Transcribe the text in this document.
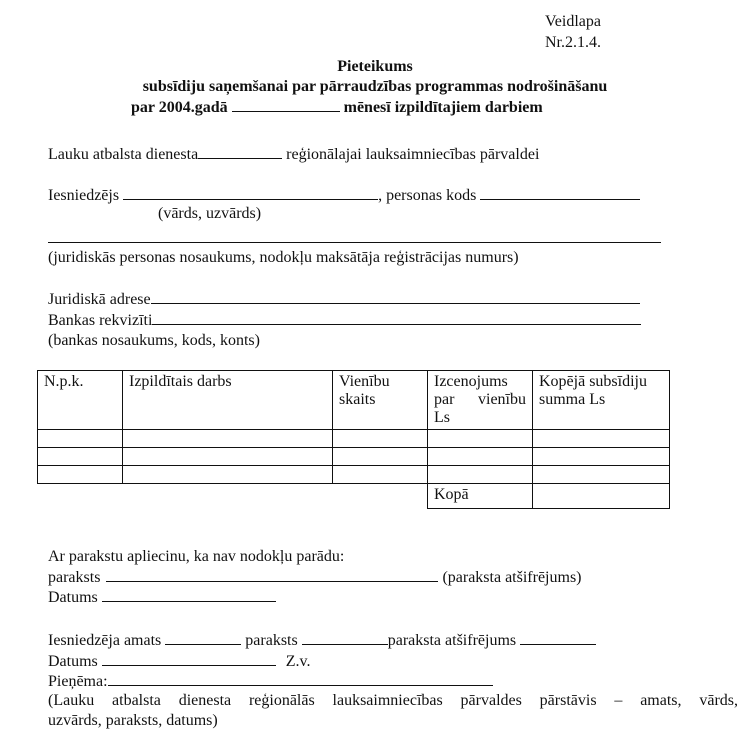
Veidlapa
Nr.2.1.4.
Pieteikums
subsīdiju saņemšanai par pārraudzības programmas nodrošināšanu
par 2004.gadā	mēnesī izpildītajiem darbiem
Lauku atbalsta dienesta	reģionālajai lauksaimniecības pārvaldei
Iesniedzējs	, personas kods
(vārds, uzvārds)
(juridiskās personas nosaukums, nodokļu maksātāja reģistrācijas numurs)
Juridiskā adrese
Bankas rekvizīti
(bankas nosaukums, kods, konts)
N.p.k.	Izpildītais darbs	Vienību skaits	Izcenojums par vienību Ls	Kopējā subsīdiju summa Ls

			Kopā	
Ar parakstu apliecinu, ka nav nodokļu parādu:
paraksts	(paraksta atšifrējums)
Datums
Iesniedzēja amats	paraksts	paraksta atšifrējums
Datums	Z.v.
Pieņēma:
(Lauku atbalsta dienesta reģionālās lauksaimniecības pārvaldes pārstāvis – amats, vārds,
uzvārds, paraksts, datums)
